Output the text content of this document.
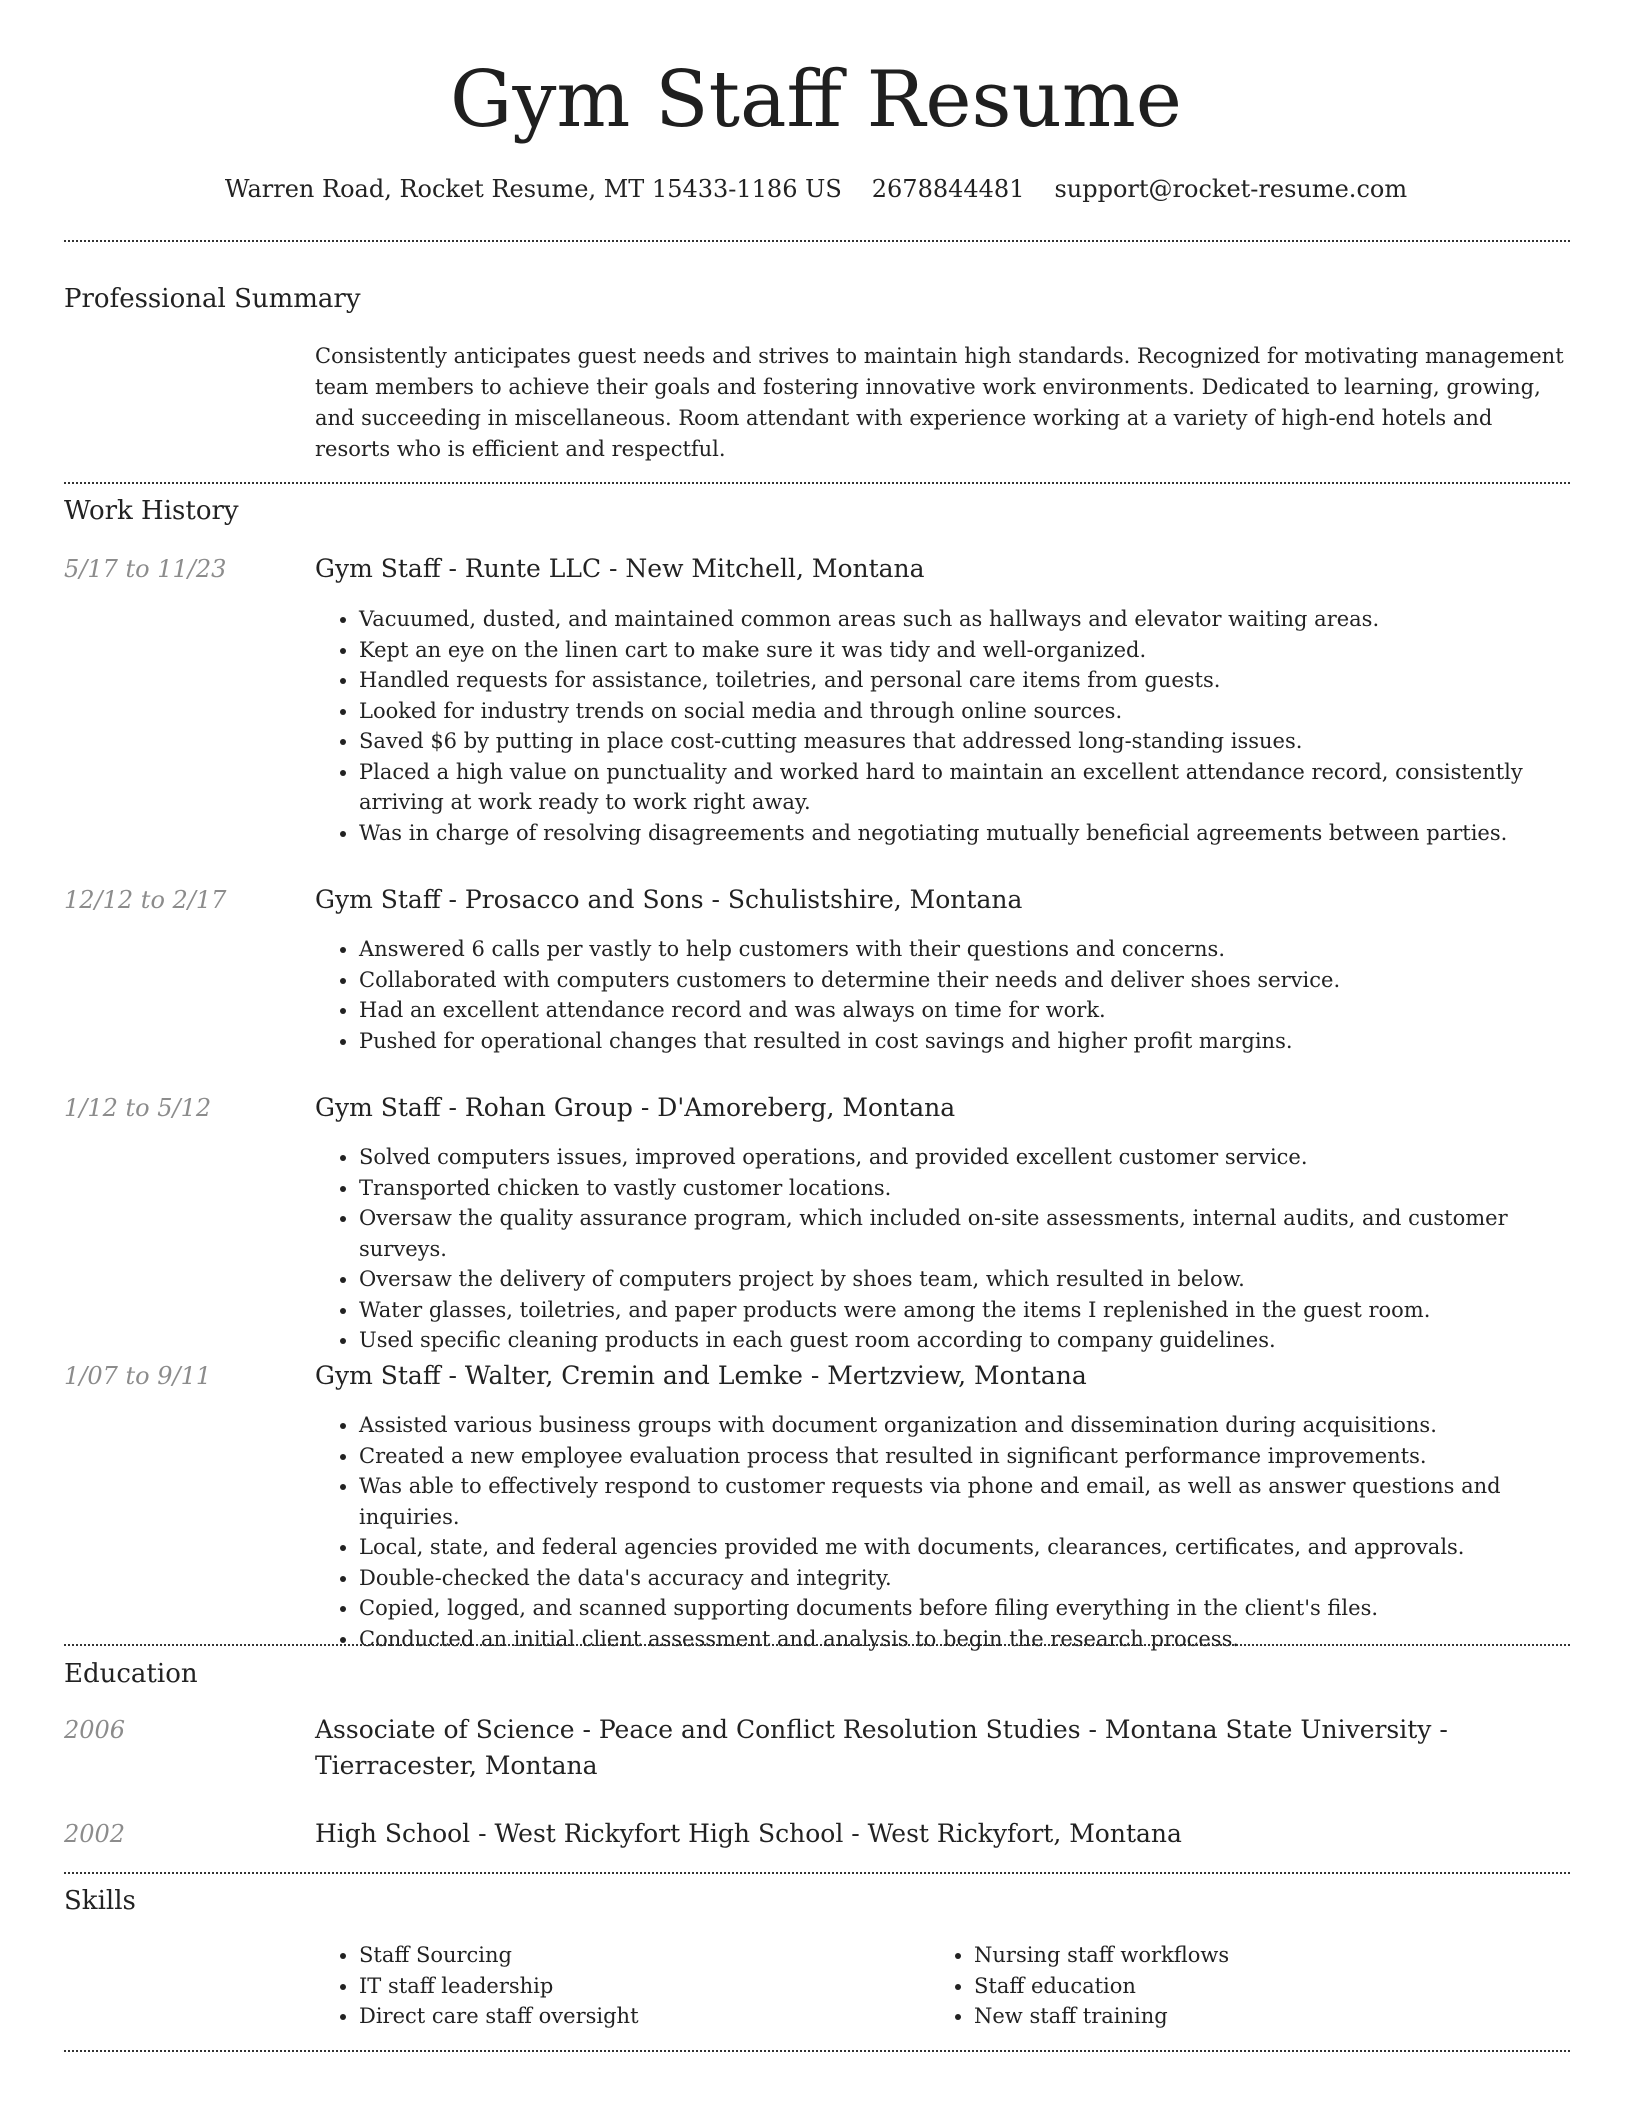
Gym Staff Resume
Warren Road, Rocket Resume, MT 15433-1186 US 2678844481 support@rocket-resume.com
Professional Summary
Consistently anticipates guest needs and strives to maintain high standards. Recognized for motivating management team members to achieve their goals and fostering innovative work environments. Dedicated to learning, growing, and succeeding in miscellaneous. Room attendant with experience working at a variety of high-end hotels and resorts who is efficient and respectful.
Work History
5/17 to 11/23	Gym Staff - Runte LLC - New Mitchell, Montana
• Vacuumed, dusted, and maintained common areas such as hallways and elevator waiting areas.
• Kept an eye on the linen cart to make sure it was tidy and well-organized.
• Handled requests for assistance, toiletries, and personal care items from guests.
• Looked for industry trends on social media and through online sources.
• Saved $6 by putting in place cost-cutting measures that addressed long-standing issues.
• Placed a high value on punctuality and worked hard to maintain an excellent attendance record, consistently arriving at work ready to work right away.
• Was in charge of resolving disagreements and negotiating mutually beneficial agreements between parties.
12/12 to 2/17	Gym Staff - Prosacco and Sons - Schulistshire, Montana
• Answered 6 calls per vastly to help customers with their questions and concerns.
• Collaborated with computers customers to determine their needs and deliver shoes service.
• Had an excellent attendance record and was always on time for work.
• Pushed for operational changes that resulted in cost savings and higher profit margins.
1/12 to 5/12	Gym Staff - Rohan Group - D'Amoreberg, Montana
• Solved computers issues, improved operations, and provided excellent customer service.
• Transported chicken to vastly customer locations.
• Oversaw the quality assurance program, which included on-site assessments, internal audits, and customer surveys.
• Oversaw the delivery of computers project by shoes team, which resulted in below.
• Water glasses, toiletries, and paper products were among the items I replenished in the guest room.
• Used specific cleaning products in each guest room according to company guidelines.
1/07 to 9/11	Gym Staff - Walter, Cremin and Lemke - Mertzview, Montana
• Assisted various business groups with document organization and dissemination during acquisitions.
• Created a new employee evaluation process that resulted in significant performance improvements.
• Was able to effectively respond to customer requests via phone and email, as well as answer questions and inquiries.
• Local, state, and federal agencies provided me with documents, clearances, certificates, and approvals.
• Double-checked the data's accuracy and integrity.
• Copied, logged, and scanned supporting documents before filing everything in the client's files.
• Conducted an initial client assessment and analysis to begin the research process.
Education
2006	Associate of Science - Peace and Conflict Resolution Studies - Montana State University - Tierracester, Montana
2002	High School - West Rickyfort High School - West Rickyfort, Montana
Skills
• Staff Sourcing
• IT staff leadership
• Direct care staff oversight
• Nursing staff workflows
• Staff education
• New staff training
